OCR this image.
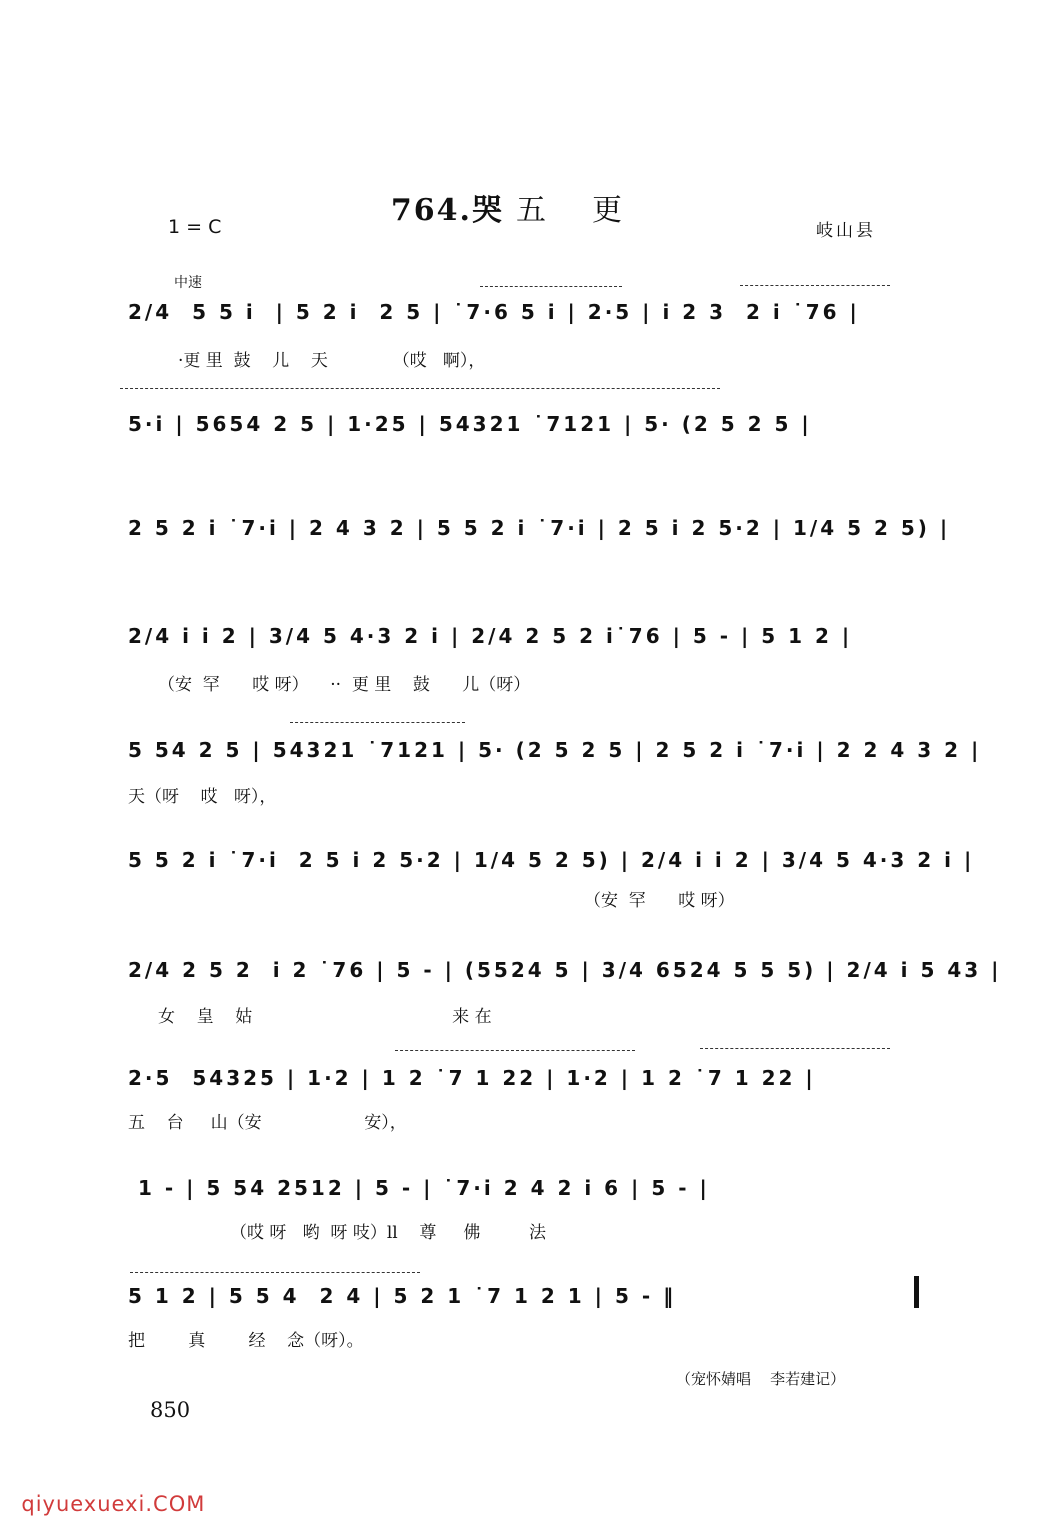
764.哭 五更

1 = C	岐山县
中速
2/4  5 5 i  | 5 2 i  2 5 | ˙7·6 5 i | 2·5 | i 2 3  2 i ˙76 |
·更 里  鼓    儿    天            （哎   啊），
5·i | 5654 2 5 | 1·25 | 54321 ˙7121 | 5· (2 5 2 5 |
2 5 2 i ˙7·i | 2 4 3 2 | 5 5 2 i ˙7·i | 2 5 i 2 5·2 | 1/4 5 2 5) |
2/4 i i 2 | 3/4 5 4·3 2 i | 2/4 2 5 2 i˙76 | 5 - | 5 1 2 |
（安  罕      哎 呀）    ··  更 里    鼓      儿（呀）
5 54 2 5 | 54321 ˙7121 | 5· (2 5 2 5 | 2 5 2 i ˙7·i | 2 2 4 3 2 |
天（呀    哎   呀），
5 5 2 i ˙7·i  2 5 i 2 5·2 | 1/4 5 2 5) | 2/4 i i 2 | 3/4 5 4·3 2 i |
（安  罕      哎 呀）
2/4 2 5 2  i 2 ˙76 | 5 - | (5524 5 | 3/4 6524 5 5 5) | 2/4 i 5 43 |
女    皇    姑                                     来 在
2·5  54325 | 1·2 | 1 2 ˙7 1 22 | 1·2 | 1 2 ˙7 1 22 |
五    台     山（安                   安），
1 - | 5 54 2512 | 5 - | ˙7·i 2 4 2 i 6 | 5 - |
（哎 呀   哟  呀 吱）ll    尊     佛         法
5 1 2 | 5 5 4  2 4 | 5 2 1 ˙7 1 2 1 | 5 - ‖
把        真        经    念（呀）。
（宠怀婧唱    李若建记）
850

qiyuexuexi.COM
